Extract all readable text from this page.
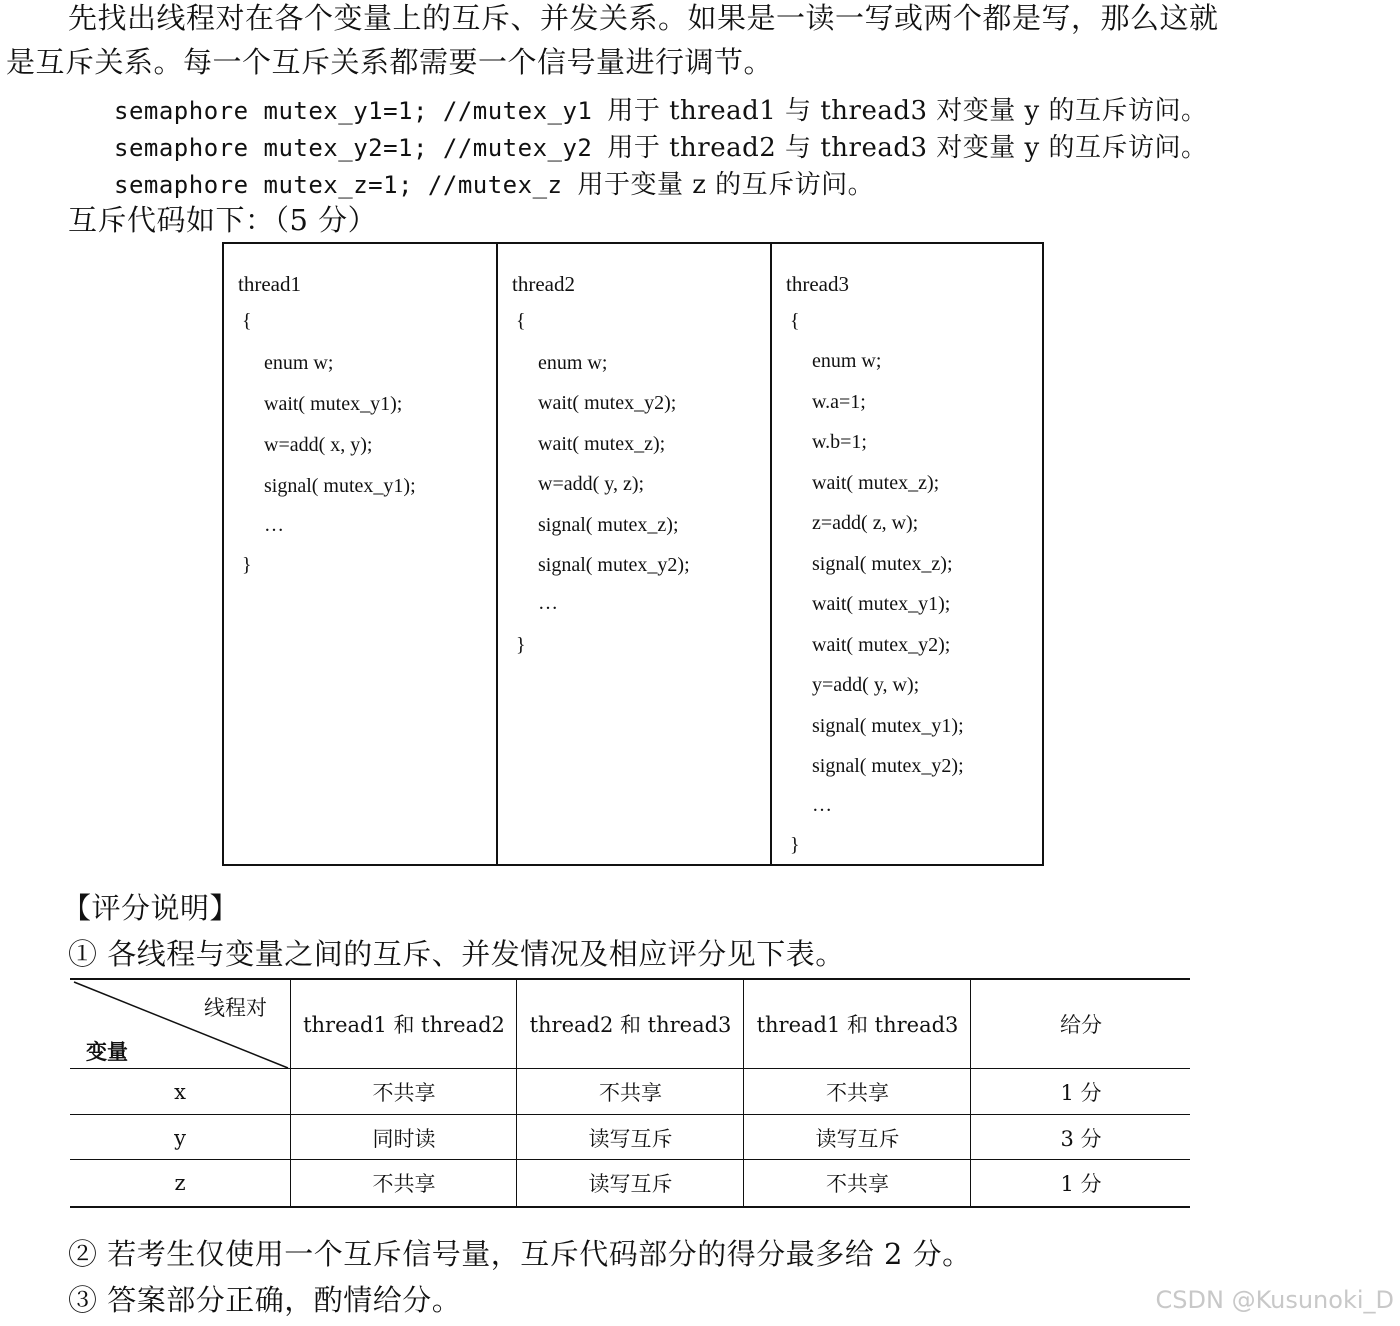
先找出线程对在各个变量上的互斥、并发关系。如果是一读一写或两个都是写，那么这就
是互斥关系。每一个互斥关系都需要一个信号量进行调节。
semaphore mutex_y1=1; //mutex_y1 用于 thread1 与 thread3 对变量 y 的互斥访问。
semaphore mutex_y2=1; //mutex_y2 用于 thread2 与 thread3 对变量 y 的互斥访问。
semaphore mutex_z=1; //mutex_z 用于变量 z 的互斥访问。
互斥代码如下：（5 分）
thread1
{
enum w;
wait( mutex_y1);
w=add( x, y);
signal( mutex_y1);
…
}
thread2
{
enum w;
wait( mutex_y2);
wait( mutex_z);
w=add( y, z);
signal( mutex_z);
signal( mutex_y2);
…
}
thread3
{
enum w;
w.a=1;
w.b=1;
wait( mutex_z);
z=add( z, w);
signal( mutex_z);
wait( mutex_y1);
wait( mutex_y2);
y=add( y, w);
signal( mutex_y1);
signal( mutex_y2);
…
}
【评分说明】
① 各线程与变量之间的互斥、并发情况及相应评分见下表。
线程对
变量
thread1 和 thread2	thread2 和 thread3	thread1 和 thread3	给分
x	不共享	不共享	不共享	1 分
y	同时读	读写互斥	读写互斥	3 分
z	不共享	读写互斥	不共享	1 分
② 若考生仅使用一个互斥信号量，互斥代码部分的得分最多给 2 分。
③ 答案部分正确，酌情给分。	CSDN @Kusunoki_D
